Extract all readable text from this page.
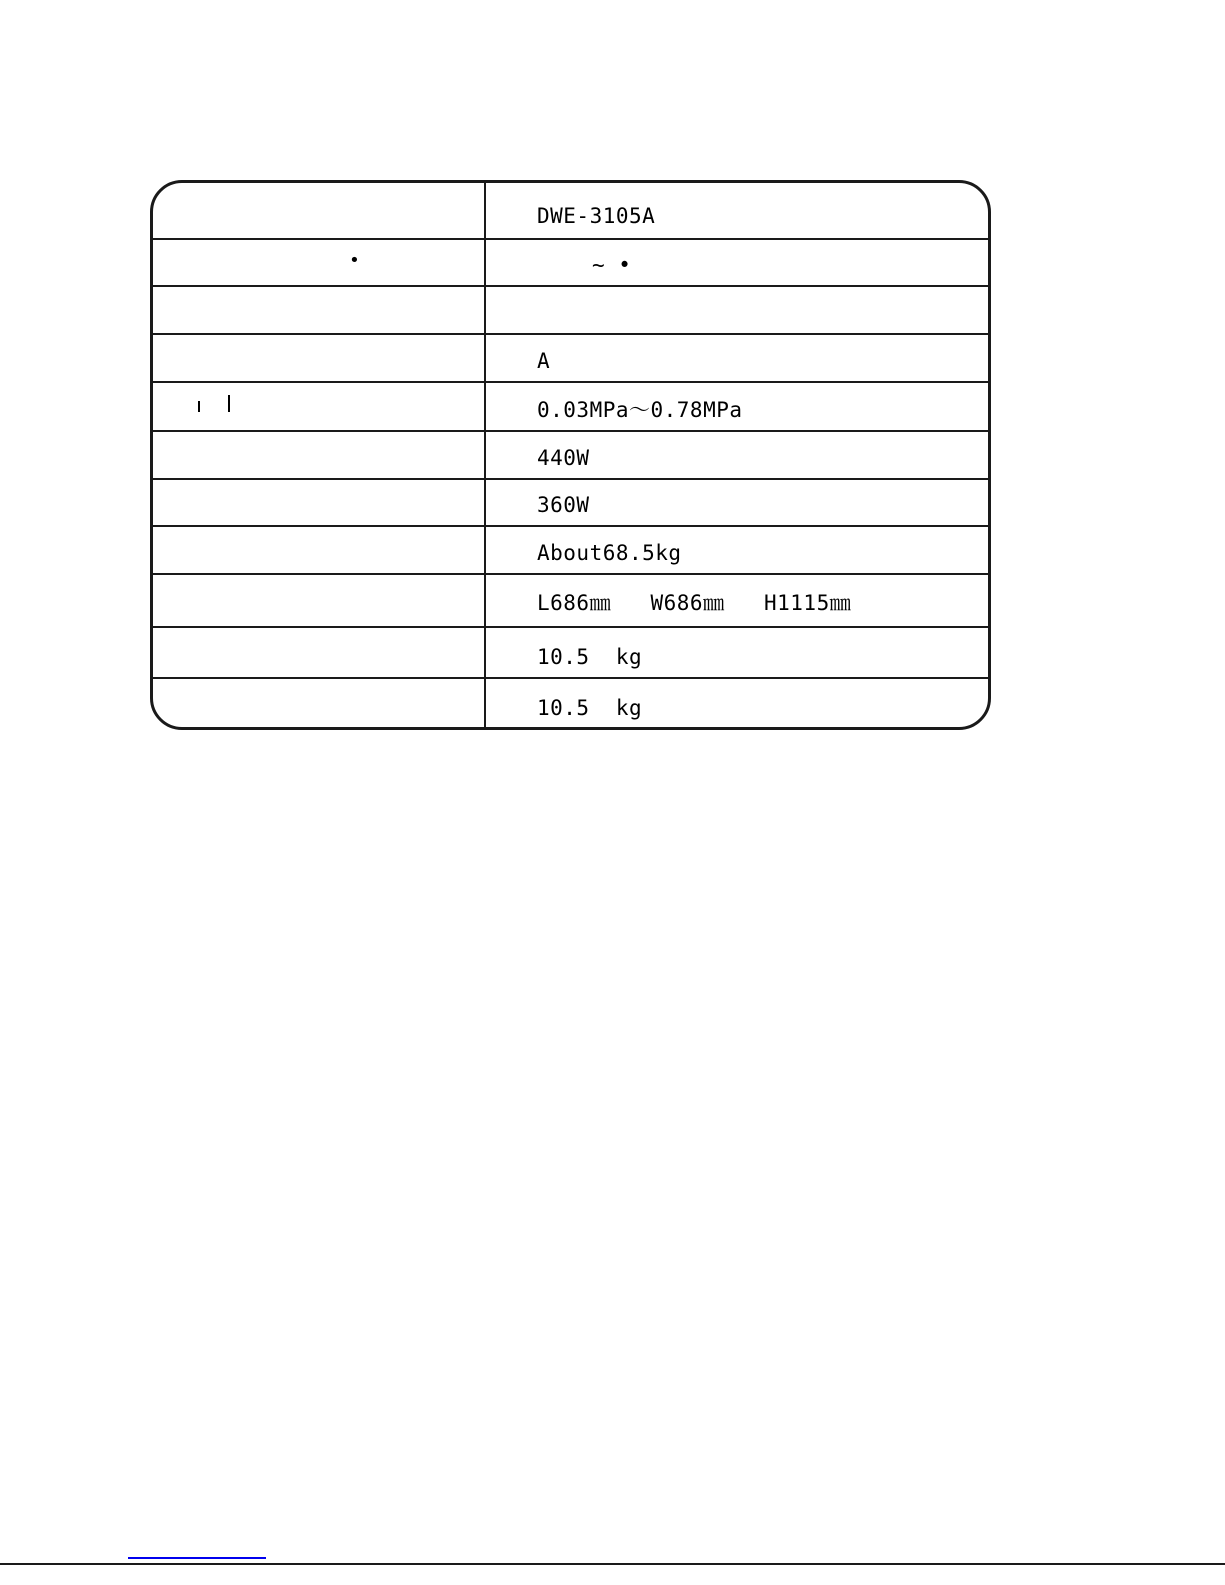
DWE-3105A
•	~ •
A
0.03MPa～0.78MPa
440W
360W
About68.5kg
L686㎜   W686㎜   H1115㎜
10.5  kg
10.5  kg
